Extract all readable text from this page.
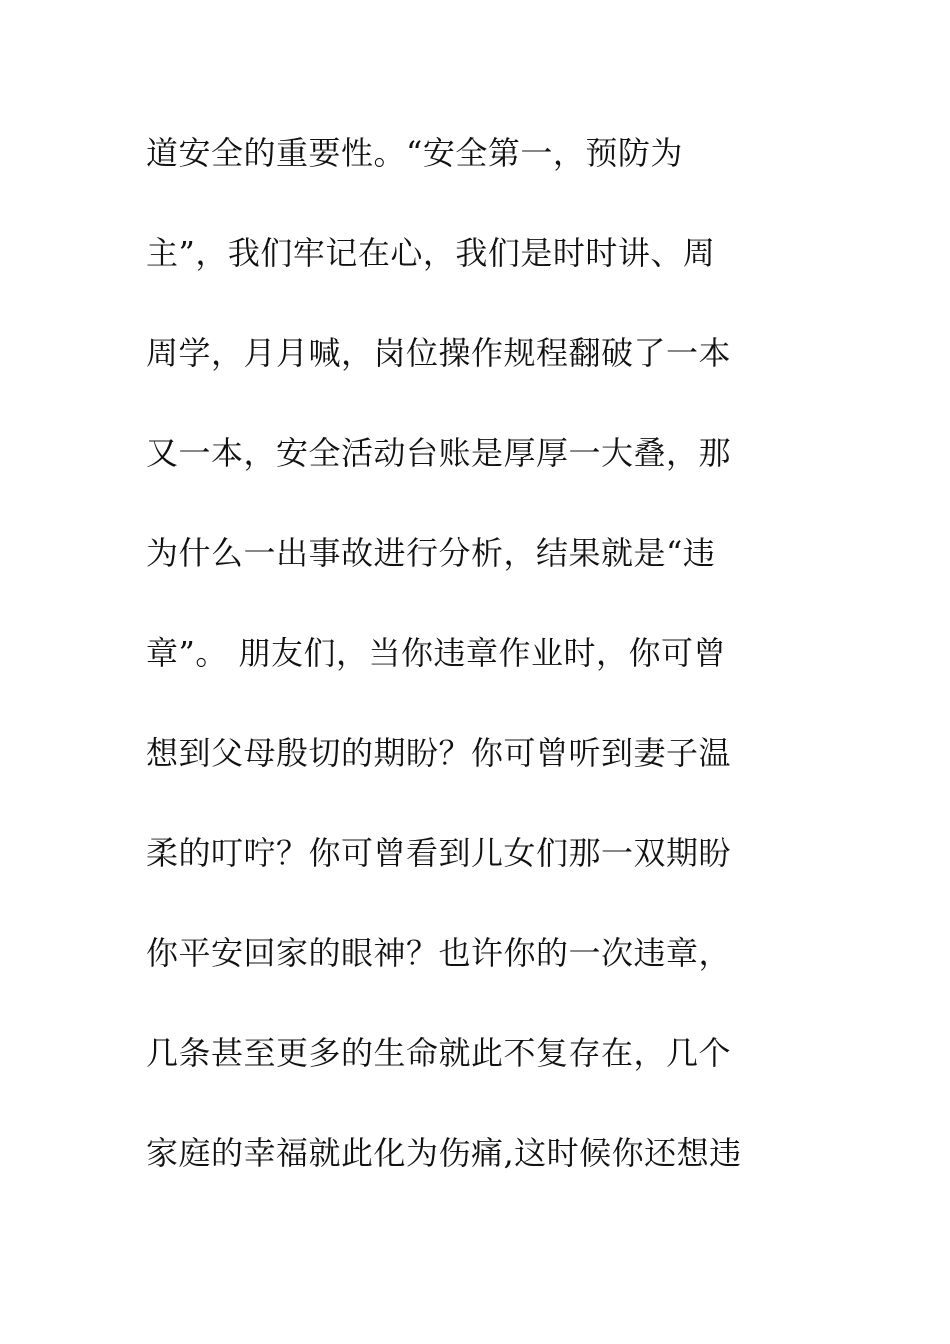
道安全的重要性。“安全第一，预防为
主”，我们牢记在心，我们是时时讲、周
周学，月月喊，岗位操作规程翻破了一本
又一本，安全活动台账是厚厚一大叠，那
为什么一出事故进行分析，结果就是“违
章”。 朋友们，当你违章作业时，你可曾
想到父母殷切的期盼？你可曾听到妻子温
柔的叮咛？你可曾看到儿女们那一双期盼
你平安回家的眼神？也许你的一次违章，
几条甚至更多的生命就此不复存在，几个
家庭的幸福就此化为伤痛,这时候你还想违
